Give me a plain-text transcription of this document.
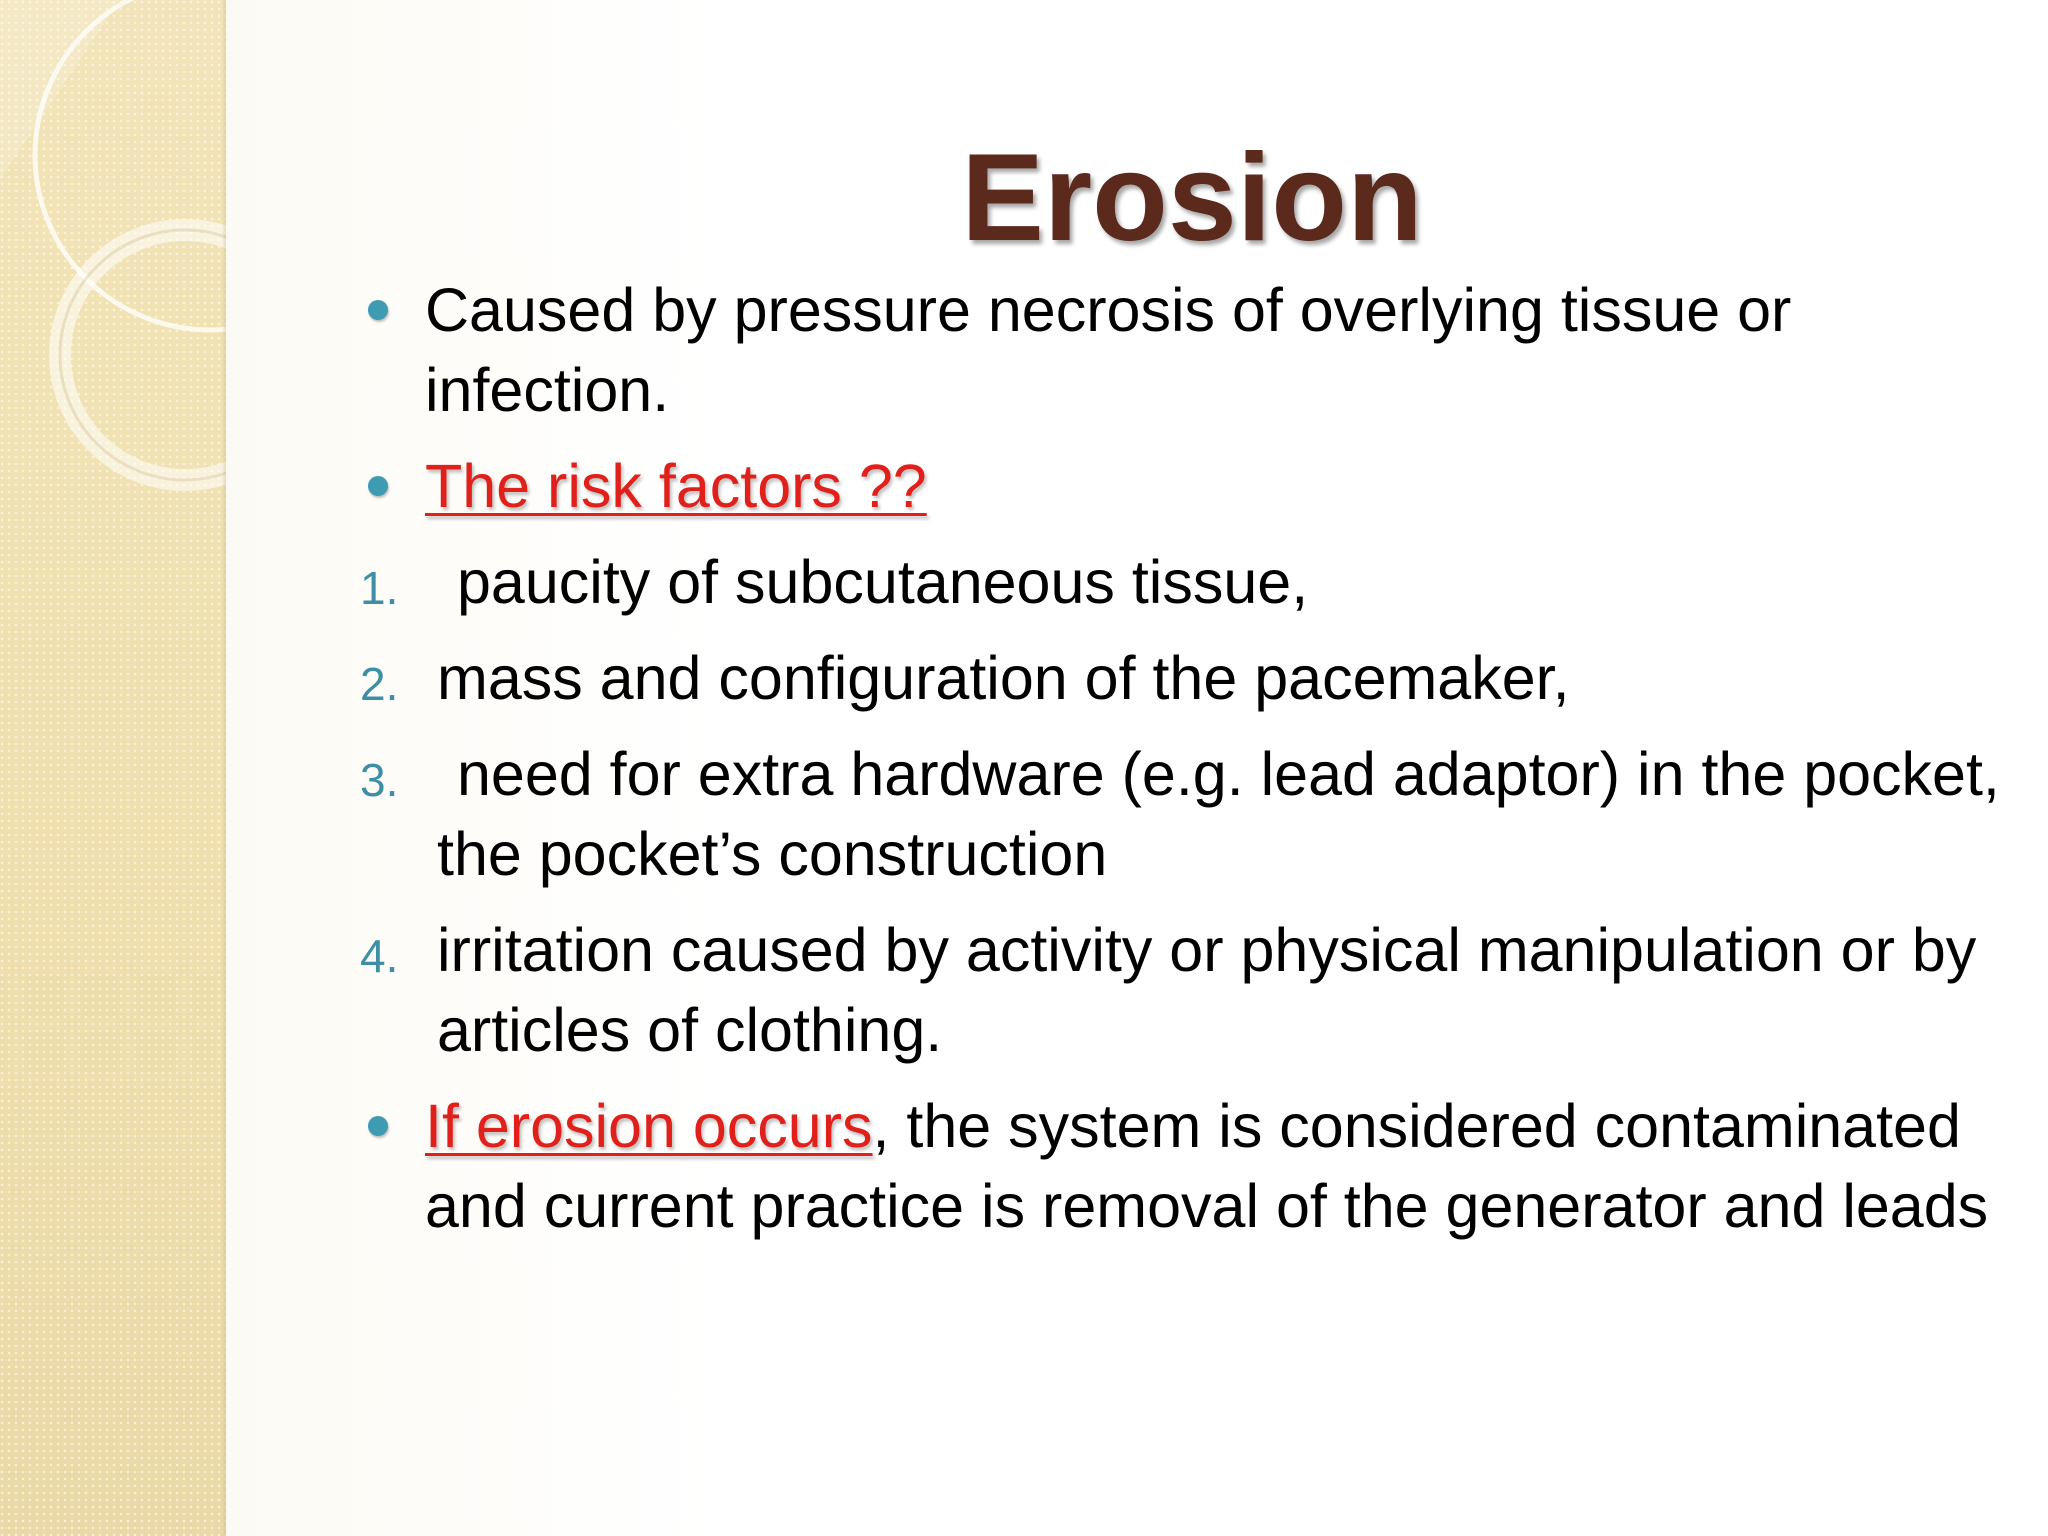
Erosion
Caused by pressure necrosis of overlying tissue or infection.
The risk factors ??
1. paucity of subcutaneous tissue,
2. mass and configuration of the pacemaker,
3. need for extra hardware (e.g. lead adaptor) in the pocket, the pocket’s construction
4. irritation caused by activity or physical manipulation or by articles of clothing.
If erosion occurs, the system is considered contaminated and current practice is removal of the generator and leads
